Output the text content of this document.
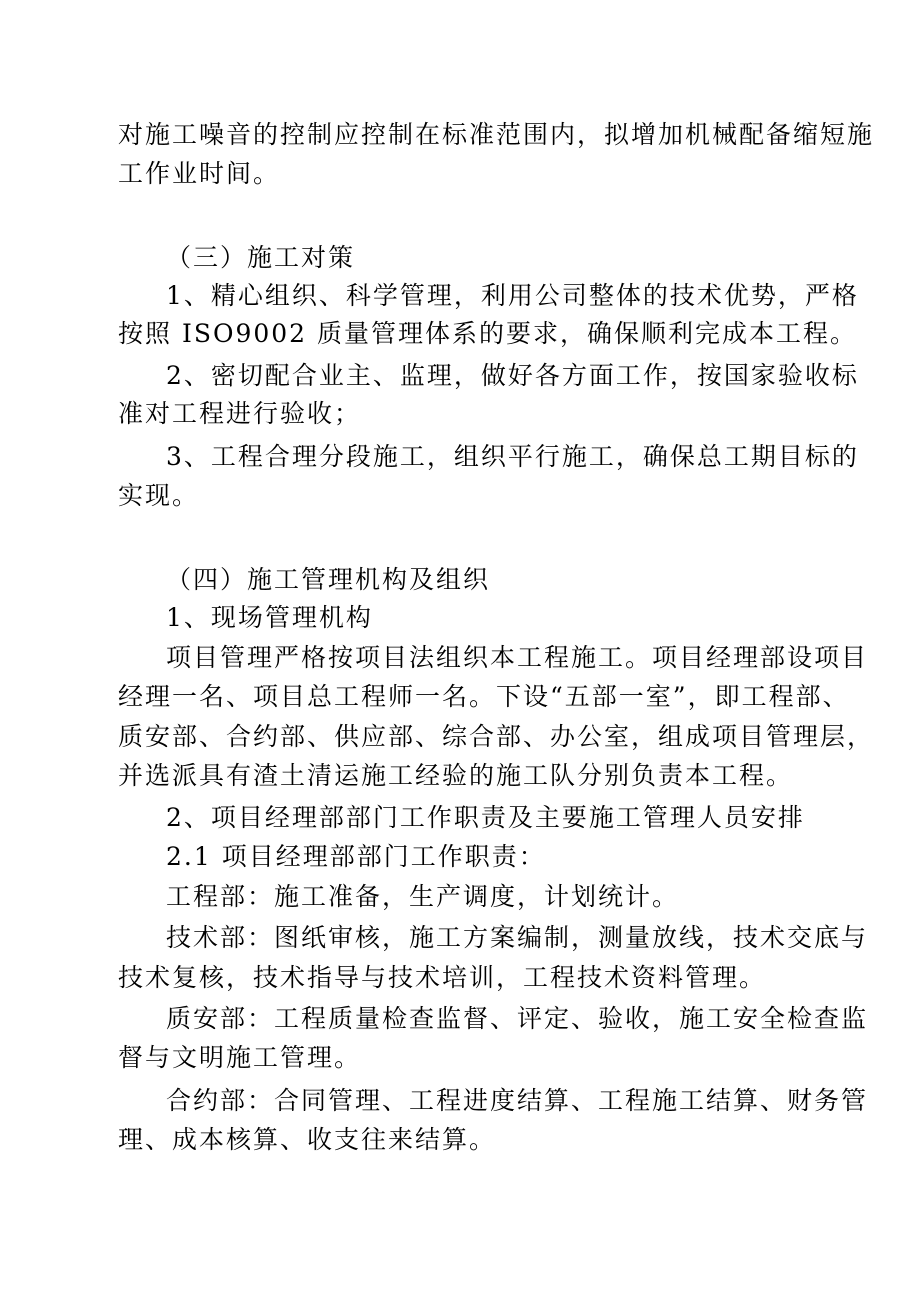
对施工噪音的控制应控制在标准范围内，拟增加机械配备缩短施

工作业时间。

（三）施工对策

1、精心组织、科学管理，利用公司整体的技术优势，严格

按照 ISO9002 质量管理体系的要求，确保顺利完成本工程。

2、密切配合业主、监理，做好各方面工作，按国家验收标

准对工程进行验收；

3、工程合理分段施工，组织平行施工，确保总工期目标的

实现。

（四）施工管理机构及组织

1、现场管理机构

项目管理严格按项目法组织本工程施工。项目经理部设项目

经理一名、项目总工程师一名。下设“五部一室”，即工程部、

质安部、合约部、供应部、综合部、办公室，组成项目管理层，

并选派具有渣土清运施工经验的施工队分别负责本工程。

2、项目经理部部门工作职责及主要施工管理人员安排

2.1 项目经理部部门工作职责：

工程部：施工准备，生产调度，计划统计。

技术部：图纸审核，施工方案编制，测量放线，技术交底与

技术复核，技术指导与技术培训，工程技术资料管理。

质安部：工程质量检查监督、评定、验收，施工安全检查监

督与文明施工管理。

合约部：合同管理、工程进度结算、工程施工结算、财务管

理、成本核算、收支往来结算。
